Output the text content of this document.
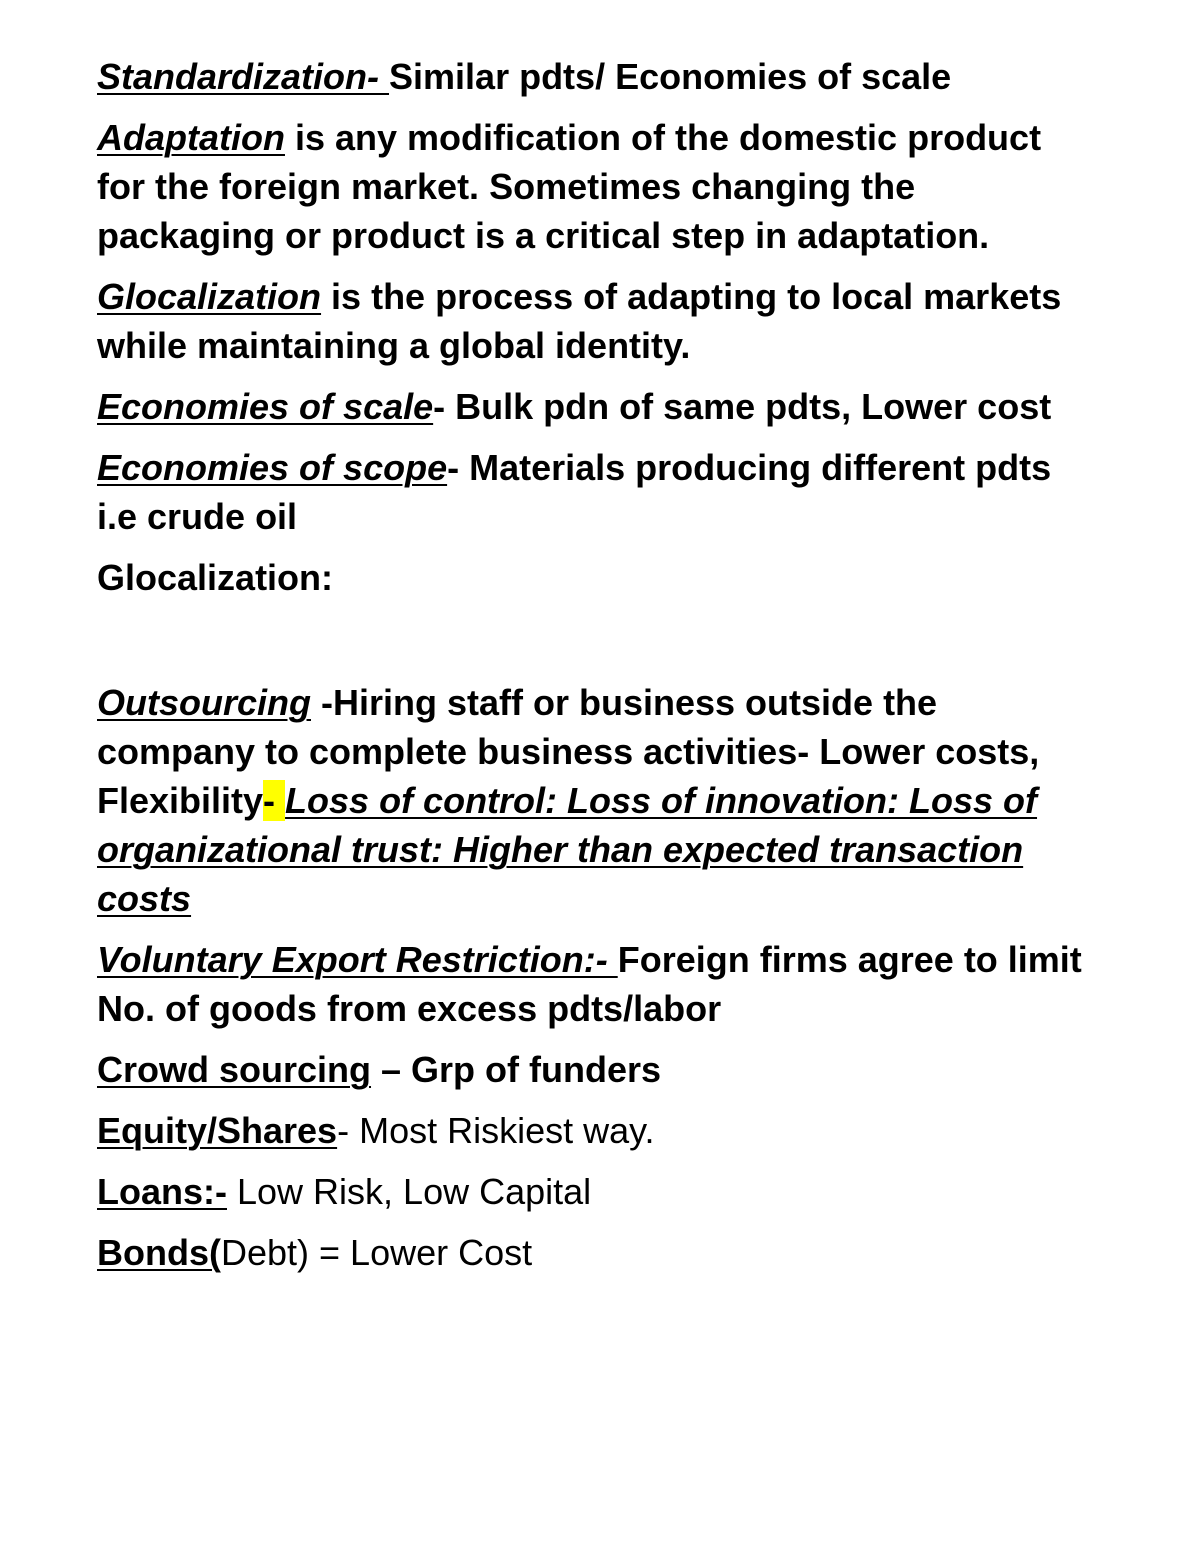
Standardization- Similar pdts/ Economies of scale

Adaptation is any modification of the domestic product for the foreign market. Sometimes changing the packaging or product is a critical step in adaptation.

Glocalization is the process of adapting to local markets while maintaining a global identity.

Economies of scale- Bulk pdn of same pdts, Lower cost

Economies of scope- Materials producing different pdts i.e crude oil

Glocalization:

Outsourcing -Hiring staff or business outside the company to complete business activities- Lower costs, Flexibility- Loss of control: Loss of innovation: Loss of organizational trust: Higher than expected transaction costs

Voluntary Export Restriction:- Foreign firms agree to limit No. of goods from excess pdts/labor

Crowd sourcing – Grp of funders

Equity/Shares- Most Riskiest way.

Loans:- Low Risk, Low Capital

Bonds(Debt) = Lower Cost
